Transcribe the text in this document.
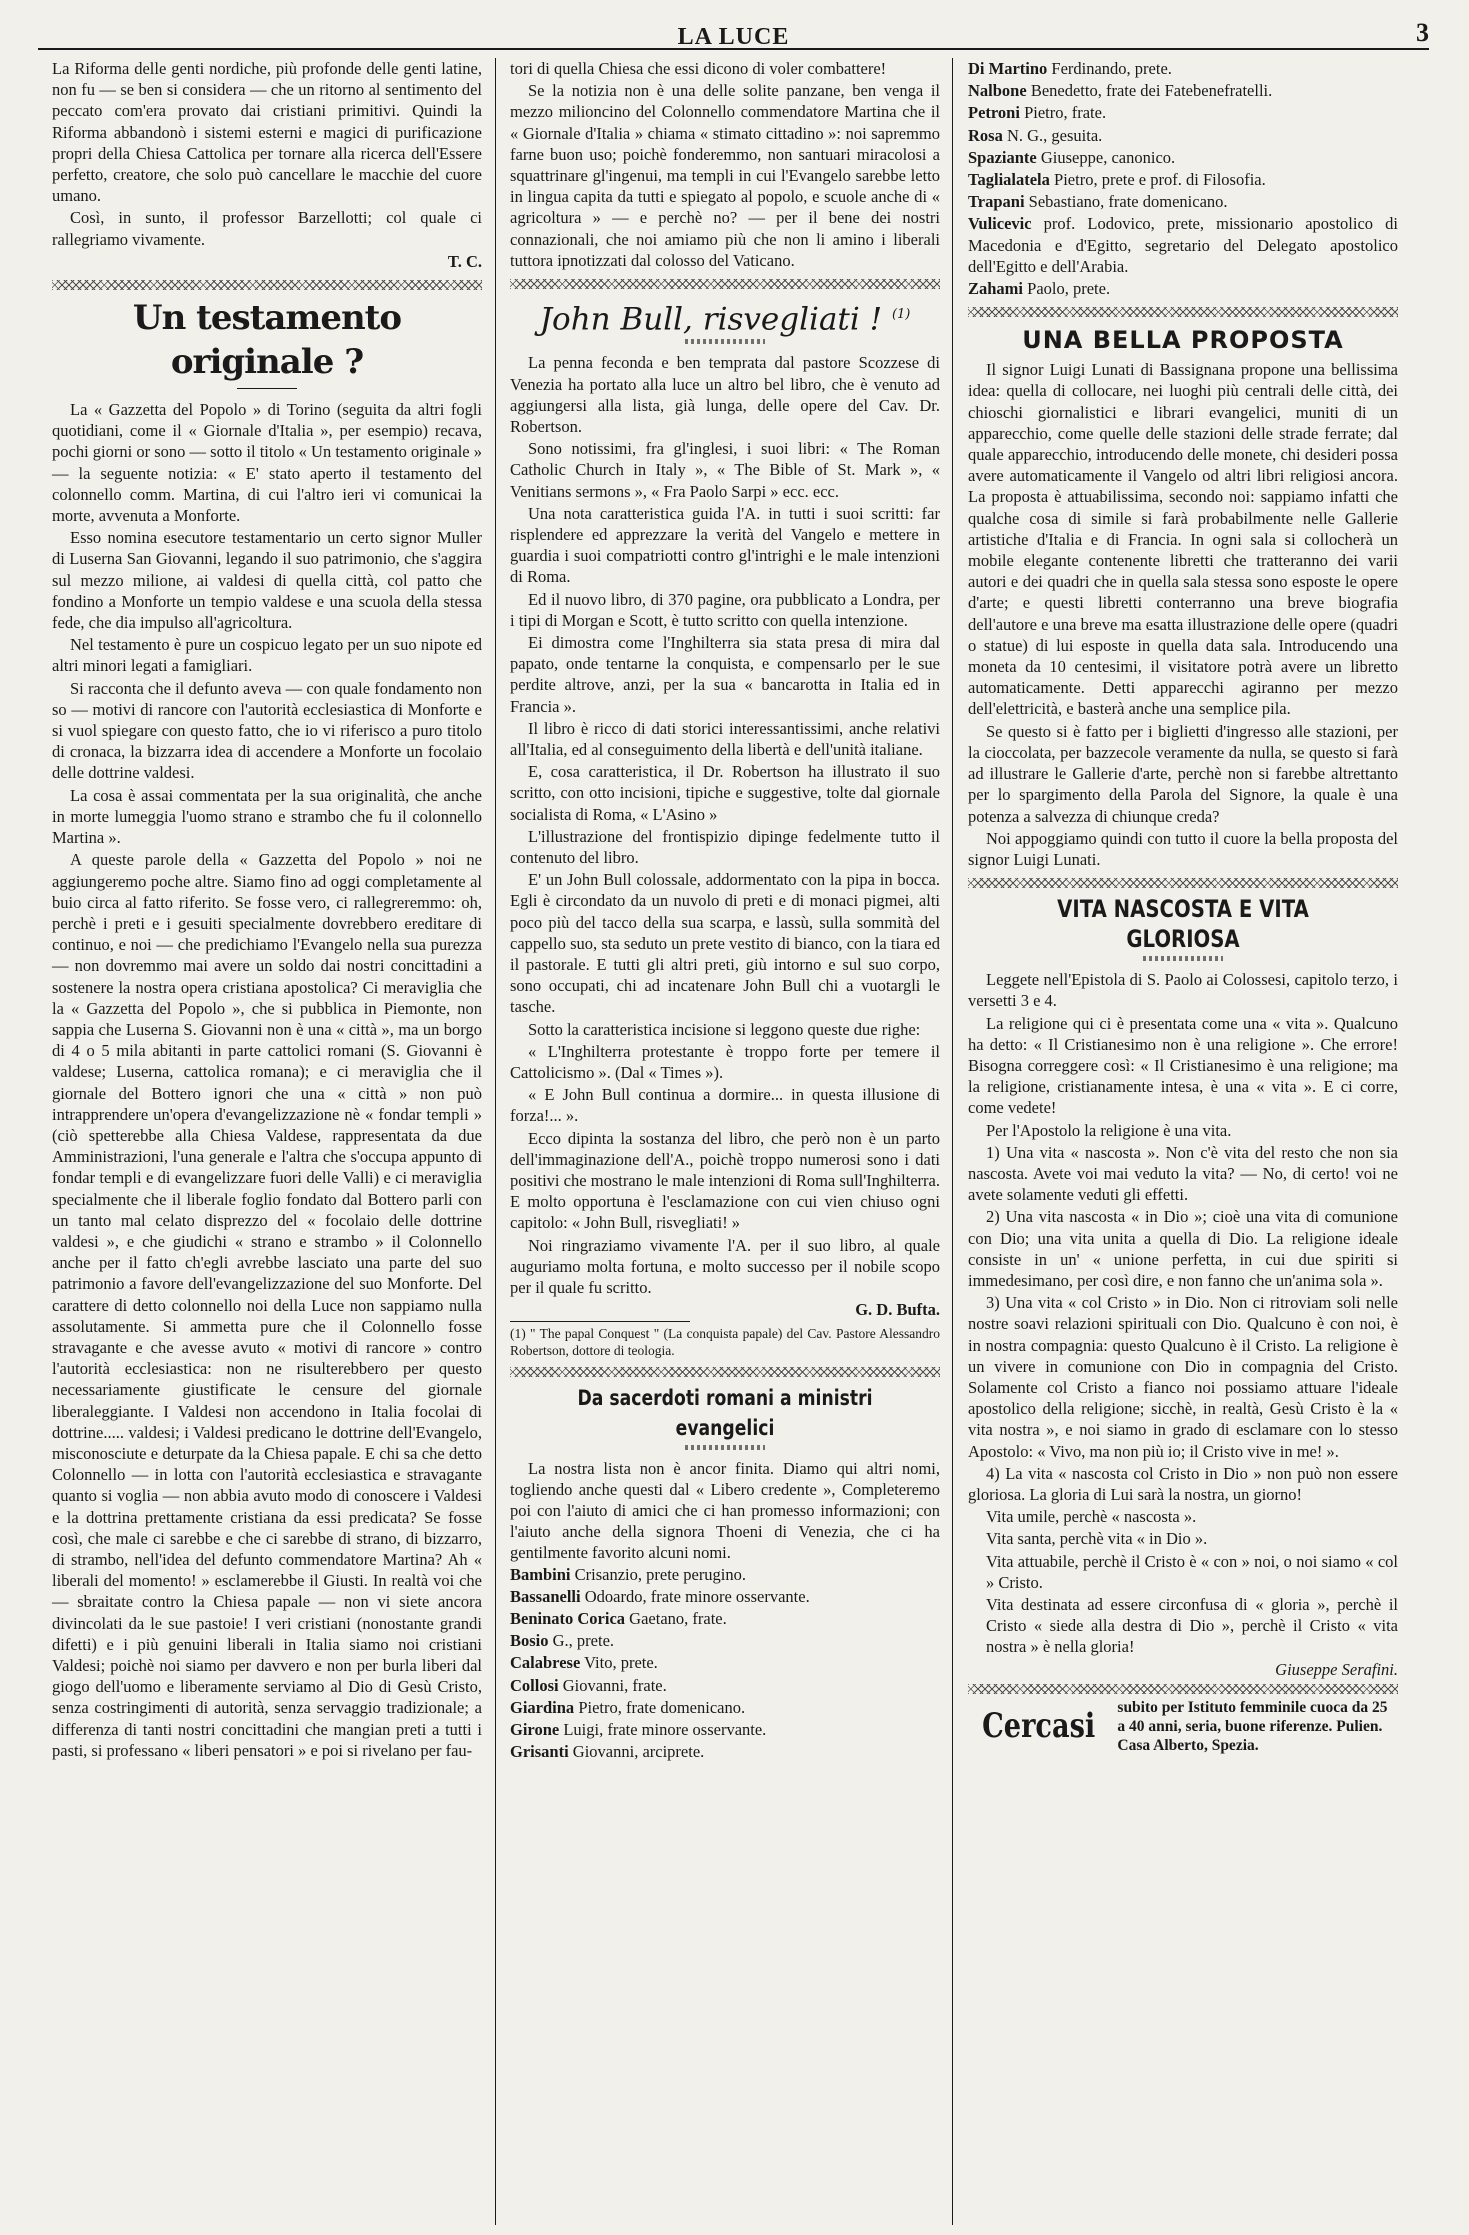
LA LUCE	3

La Riforma delle genti nordiche, più profonde delle genti latine, non fu — se ben si considera — che un ritorno al sentimento del peccato com'era provato dai cristiani primitivi. Quindi la Riforma abbandonò i sistemi esterni e magici di purificazione propri della Chiesa Cattolica per tornare alla ricerca dell'Essere perfetto, creatore, che solo può cancellare le macchie del cuore umano.

Così, in sunto, il professor Barzellotti; col quale ci rallegriamo vivamente.

T. C.

Un testamento originale ?

La « Gazzetta del Popolo » di Torino (seguita da altri fogli quotidiani, come il « Giornale d'Italia », per esempio) recava, pochi giorni or sono — sotto il titolo « Un testamento originale » — la seguente notizia: « E' stato aperto il testamento del colonnello comm. Martina, di cui l'altro ieri vi comunicai la morte, avvenuta a Monforte.

Esso nomina esecutore testamentario un certo signor Muller di Luserna San Giovanni, legando il suo patrimonio, che s'aggira sul mezzo milione, ai valdesi di quella città, col patto che fondino a Monforte un tempio valdese e una scuola della stessa fede, che dia impulso all'agricoltura.

Nel testamento è pure un cospicuo legato per un suo nipote ed altri minori legati a famigliari.

Si racconta che il defunto aveva — con quale fondamento non so — motivi di rancore con l'autorità ecclesiastica di Monforte e si vuol spiegare con questo fatto, che io vi riferisco a puro titolo di cronaca, la bizzarra idea di accendere a Monforte un focolaio delle dottrine valdesi.

La cosa è assai commentata per la sua originalità, che anche in morte lumeggia l'uomo strano e strambo che fu il colonnello Martina ».

A queste parole della « Gazzetta del Popolo » noi ne aggiungeremo poche altre. Siamo fino ad oggi completamente al buio circa al fatto riferito. Se fosse vero, ci rallegreremmo: oh, perchè i preti e i gesuiti specialmente dovrebbero ereditare di continuo, e noi — che predichiamo l'Evangelo nella sua purezza — non dovremmo mai avere un soldo dai nostri concittadini a sostenere la nostra opera cristiana apostolica? Ci meraviglia che la « Gazzetta del Popolo », che si pubblica in Piemonte, non sappia che Luserna S. Giovanni non è una « città », ma un borgo di 4 o 5 mila abitanti in parte cattolici romani (S. Giovanni è valdese; Luserna, cattolica romana); e ci meraviglia che il giornale del Bottero ignori che una « città » non può intrapprendere un'opera d'evangelizzazione nè « fondar templi » (ciò spetterebbe alla Chiesa Valdese, rappresentata da due Amministrazioni, l'una generale e l'altra che s'occupa appunto di fondar templi e di evangelizzare fuori delle Valli) e ci meraviglia specialmente che il liberale foglio fondato dal Bottero parli con un tanto mal celato disprezzo del « focolaio delle dottrine valdesi », e che giudichi « strano e strambo » il Colonnello anche per il fatto ch'egli avrebbe lasciato una parte del suo patrimonio a favore dell'evangelizzazione del suo Monforte. Del carattere di detto colonnello noi della Luce non sappiamo nulla assolutamente. Si ammetta pure che il Colonnello fosse stravagante e che avesse avuto « motivi di rancore » contro l'autorità ecclesiastica: non ne risulterebbero per questo necessariamente giustificate le censure del giornale liberaleggiante. I Valdesi non accendono in Italia focolai di dottrine..... valdesi; i Valdesi predicano le dottrine dell'Evangelo, misconosciute e deturpate da la Chiesa papale. E chi sa che detto Colonnello — in lotta con l'autorità ecclesiastica e stravagante quanto si voglia — non abbia avuto modo di conoscere i Valdesi e la dottrina prettamente cristiana da essi predicata? Se fosse così, che male ci sarebbe e che ci sarebbe di strano, di bizzarro, di strambo, nell'idea del defunto commendatore Martina? Ah « liberali del momento! » esclamerebbe il Giusti. In realtà voi che — sbraitate contro la Chiesa papale — non vi siete ancora divincolati da le sue pastoie! I veri cristiani (nonostante grandi difetti) e i più genuini liberali in Italia siamo noi cristiani Valdesi; poichè noi siamo per davvero e non per burla liberi dal giogo dell'uomo e liberamente serviamo al Dio di Gesù Cristo, senza costringimenti di autorità, senza servaggio tradizionale; a differenza di tanti nostri concittadini che mangian preti a tutti i pasti, si professano « liberi pensatori » e poi si rivelano per fau-

tori di quella Chiesa che essi dicono di voler combattere!

Se la notizia non è una delle solite panzane, ben venga il mezzo milioncino del Colonnello commendatore Martina che il « Giornale d'Italia » chiama « stimato cittadino »: noi sapremmo farne buon uso; poichè fonderemmo, non santuari miracolosi a squattrinare gl'ingenui, ma templi in cui l'Evangelo sarebbe letto in lingua capita da tutti e spiegato al popolo, e scuole anche di « agricoltura » — e perchè no? — per il bene dei nostri connazionali, che noi amiamo più che non li amino i liberali tuttora ipnotizzati dal colosso del Vaticano.

John Bull, risvegliati ! $^{(1)}$

La penna feconda e ben temprata dal pastore Scozzese di Venezia ha portato alla luce un altro bel libro, che è venuto ad aggiungersi alla lista, già lunga, delle opere del Cav. Dr. Robertson.

Sono notissimi, fra gl'inglesi, i suoi libri: « The Roman Catholic Church in Italy », « The Bible of St. Mark », « Venitians sermons », « Fra Paolo Sarpi » ecc. ecc.

Una nota caratteristica guida l'A. in tutti i suoi scritti: far risplendere ed apprezzare la verità del Vangelo e mettere in guardia i suoi compatriotti contro gl'intrighi e le male intenzioni di Roma.

Ed il nuovo libro, di 370 pagine, ora pubblicato a Londra, per i tipi di Morgan e Scott, è tutto scritto con quella intenzione.

Ei dimostra come l'Inghilterra sia stata presa di mira dal papato, onde tentarne la conquista, e compensarlo per le sue perdite altrove, anzi, per la sua « bancarotta in Italia ed in Francia ».

Il libro è ricco di dati storici interessantissimi, anche relativi all'Italia, ed al conseguimento della libertà e dell'unità italiane.

E, cosa caratteristica, il Dr. Robertson ha illustrato il suo scritto, con otto incisioni, tipiche e suggestive, tolte dal giornale socialista di Roma, « L'Asino »

L'illustrazione del frontispizio dipinge fedelmente tutto il contenuto del libro.

E' un John Bull colossale, addormentato con la pipa in bocca. Egli è circondato da un nuvolo di preti e di monaci pigmei, alti poco più del tacco della sua scarpa, e lassù, sulla sommità del cappello suo, sta seduto un prete vestito di bianco, con la tiara ed il pastorale. E tutti gli altri preti, giù intorno e sul suo corpo, sono occupati, chi ad incatenare John Bull chi a vuotargli le tasche.

Sotto la caratteristica incisione si leggono queste due righe:

« L'Inghilterra protestante è troppo forte per temere il Cattolicismo ». (Dal « Times »).

« E John Bull continua a dormire... in questa illusione di forza!... ».

Ecco dipinta la sostanza del libro, che però non è un parto dell'immaginazione dell'A., poichè troppo numerosi sono i dati positivi che mostrano le male intenzioni di Roma sull'Inghilterra. E molto opportuna è l'esclamazione con cui vien chiuso ogni capitolo: « John Bull, risvegliati! »

Noi ringraziamo vivamente l'A. per il suo libro, al quale auguriamo molta fortuna, e molto successo per il nobile scopo per il quale fu scritto.

G. D. Bufta.

(1) " The papal Conquest " (La conquista papale) del Cav. Pastore Alessandro Robertson, dottore di teologia.
Da sacerdoti romani a ministri evangelici

La nostra lista non è ancor finita. Diamo qui altri nomi, togliendo anche questi dal « Libero credente », Completeremo poi con l'aiuto di amici che ci han promesso informazioni; con l'aiuto anche della signora Thoeni di Venezia, che ci ha gentilmente favorito alcuni nomi.

Bambini Crisanzio, prete perugino.

Bassanelli Odoardo, frate minore osservante.

Beninato Corica Gaetano, frate.

Bosio G., prete.

Calabrese Vito, prete.

Collosi Giovanni, frate.

Giardina Pietro, frate domenicano.

Girone Luigi, frate minore osservante.

Grisanti Giovanni, arciprete.

Di Martino Ferdinando, prete.

Nalbone Benedetto, frate dei Fatebenefratelli.

Petroni Pietro, frate.

Rosa N. G., gesuita.

Spaziante Giuseppe, canonico.

Taglialatela Pietro, prete e prof. di Filosofia.

Trapani Sebastiano, frate domenicano.

Vulicevic prof. Lodovico, prete, missionario apostolico di Macedonia e d'Egitto, segretario del Delegato apostolico dell'Egitto e dell'Arabia.

Zahami Paolo, prete.

UNA BELLA PROPOSTA

Il signor Luigi Lunati di Bassignana propone una bellissima idea: quella di collocare, nei luoghi più centrali delle città, dei chioschi giornalistici e librari evangelici, muniti di un apparecchio, come quelle delle stazioni delle strade ferrate; dal quale apparecchio, introducendo delle monete, chi desideri possa avere automaticamente il Vangelo od altri libri religiosi ancora. La proposta è attuabilissima, secondo noi: sappiamo infatti che qualche cosa di simile si farà probabilmente nelle Gallerie artistiche d'Italia e di Francia. In ogni sala si collocherà un mobile elegante contenente libretti che tratteranno dei varii autori e dei quadri che in quella sala stessa sono esposte le opere d'arte; e questi libretti conterranno una breve biografia dell'autore e una breve ma esatta illustrazione delle opere (quadri o statue) di lui esposte in quella data sala. Introducendo una moneta da 10 centesimi, il visitatore potrà avere un libretto automaticamente. Detti apparecchi agiranno per mezzo dell'elettricità, e basterà anche una semplice pila.

Se questo si è fatto per i biglietti d'ingresso alle stazioni, per la cioccolata, per bazzecole veramente da nulla, se questo si farà ad illustrare le Gallerie d'arte, perchè non si farebbe altrettanto per lo spargimento della Parola del Signore, la quale è una potenza a salvezza di chiunque creda?

Noi appoggiamo quindi con tutto il cuore la bella proposta del signor Luigi Lunati.

VITA NASCOSTA E VITA GLORIOSA

Leggete nell'Epistola di S. Paolo ai Colossesi, capitolo terzo, i versetti 3 e 4.

La religione qui ci è presentata come una « vita ». Qualcuno ha detto: « Il Cristianesimo non è una religione ». Che errore! Bisogna correggere così: « Il Cristianesimo è una religione; ma la religione, cristianamente intesa, è una « vita ». E ci corre, come vedete!

Per l'Apostolo la religione è una vita.

1) Una vita « nascosta ». Non c'è vita del resto che non sia nascosta. Avete voi mai veduto la vita? — No, di certo! voi ne avete solamente veduti gli effetti.

2) Una vita nascosta « in Dio »; cioè una vita di comunione con Dio; una vita unita a quella di Dio. La religione ideale consiste in un' « unione perfetta, in cui due spiriti si immedesimano, per così dire, e non fanno che un'anima sola ».

3) Una vita « col Cristo » in Dio. Non ci ritroviam soli nelle nostre soavi relazioni spirituali con Dio. Qualcuno è con noi, è in nostra compagnia: questo Qualcuno è il Cristo. La religione è un vivere in comunione con Dio in compagnia del Cristo. Solamente col Cristo a fianco noi possiamo attuare l'ideale apostolico della religione; sicchè, in realtà, Gesù Cristo è la « vita nostra », e noi siamo in grado di esclamare con lo stesso Apostolo: « Vivo, ma non più io; il Cristo vive in me! ».

4) La vita « nascosta col Cristo in Dio » non può non essere gloriosa. La gloria di Lui sarà la nostra, un giorno!

Vita umile, perchè « nascosta ».

Vita santa, perchè vita « in Dio ».

Vita attuabile, perchè il Cristo è « con » noi, o noi siamo « col » Cristo.

Vita destinata ad essere circonfusa di « gloria », perchè il Cristo « siede alla destra di Dio », perchè il Cristo « vita nostra » è nella gloria!

Giuseppe Serafini.

Cercasi subito per Istituto femminile cuoca da 25 a 40 anni, seria, buone riferenze. Pulien. Casa Alberto, Spezia.
